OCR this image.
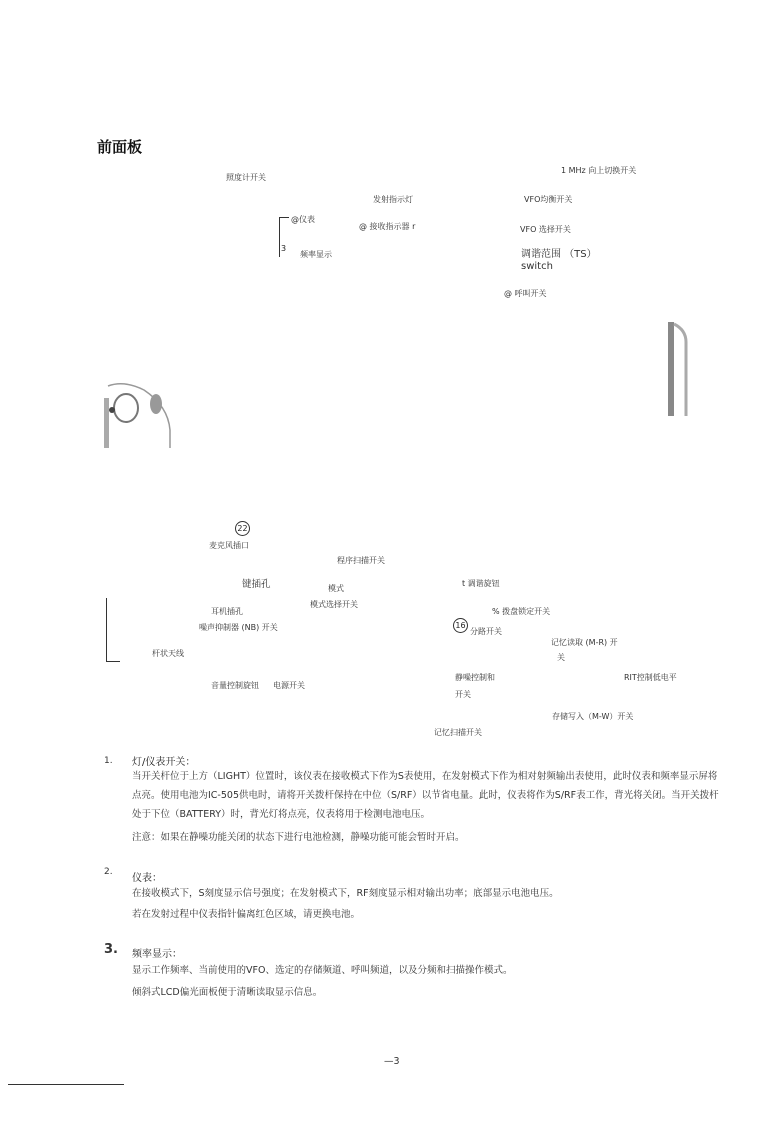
前面板
照度计开关
1 MHz 向上切换开关
发射指示灯	VFO均衡开关
@仪表
@ 接收指示器 r	VFO 选择开关
3
频率显示	调谐范围 （TS）
switch
@ 呼叫开关
22
麦克风插口
程序扫描开关
键插孔	模式
t 调谐旋钮
模式选择开关
耳机插孔	% 拨盘锁定开关
噪声抑制器 (NB) 开关	16
分路开关
记忆读取 (M-R) 开
关
杆状天线
静噪控制和
开关
RIT控制低电平
音量控制旋钮 电源开关
存储写入（M-W）开关
记忆扫描开关
1. 灯/仪表开关：
当开关杆位于上方（LIGHT）位置时，该仪表在接收模式下作为S表使用，在发射模式下作为相对射频输出表使用，此时仪表和频率显示屏将点亮。使用电池为IC-505供电时，请将开关拨杆保持在中位（S/RF）以节省电量。此时，仪表将作为S/RF表工作，背光将关闭。当开关拨杆处于下位（BATTERY）时，背光灯将点亮，仪表将用于检测电池电压。
注意：如果在静噪功能关闭的状态下进行电池检测，静噪功能可能会暂时开启。
2.
仪表：
在接收模式下，S刻度显示信号强度；在发射模式下，RF刻度显示相对输出功率；底部显示电池电压。
若在发射过程中仪表指针偏离红色区域，请更换电池。
3. 频率显示：
显示工作频率、当前使用的VFO、选定的存储频道、呼叫频道，以及分频和扫描操作模式。
倾斜式LCD偏光面板便于清晰读取显示信息。
—3
